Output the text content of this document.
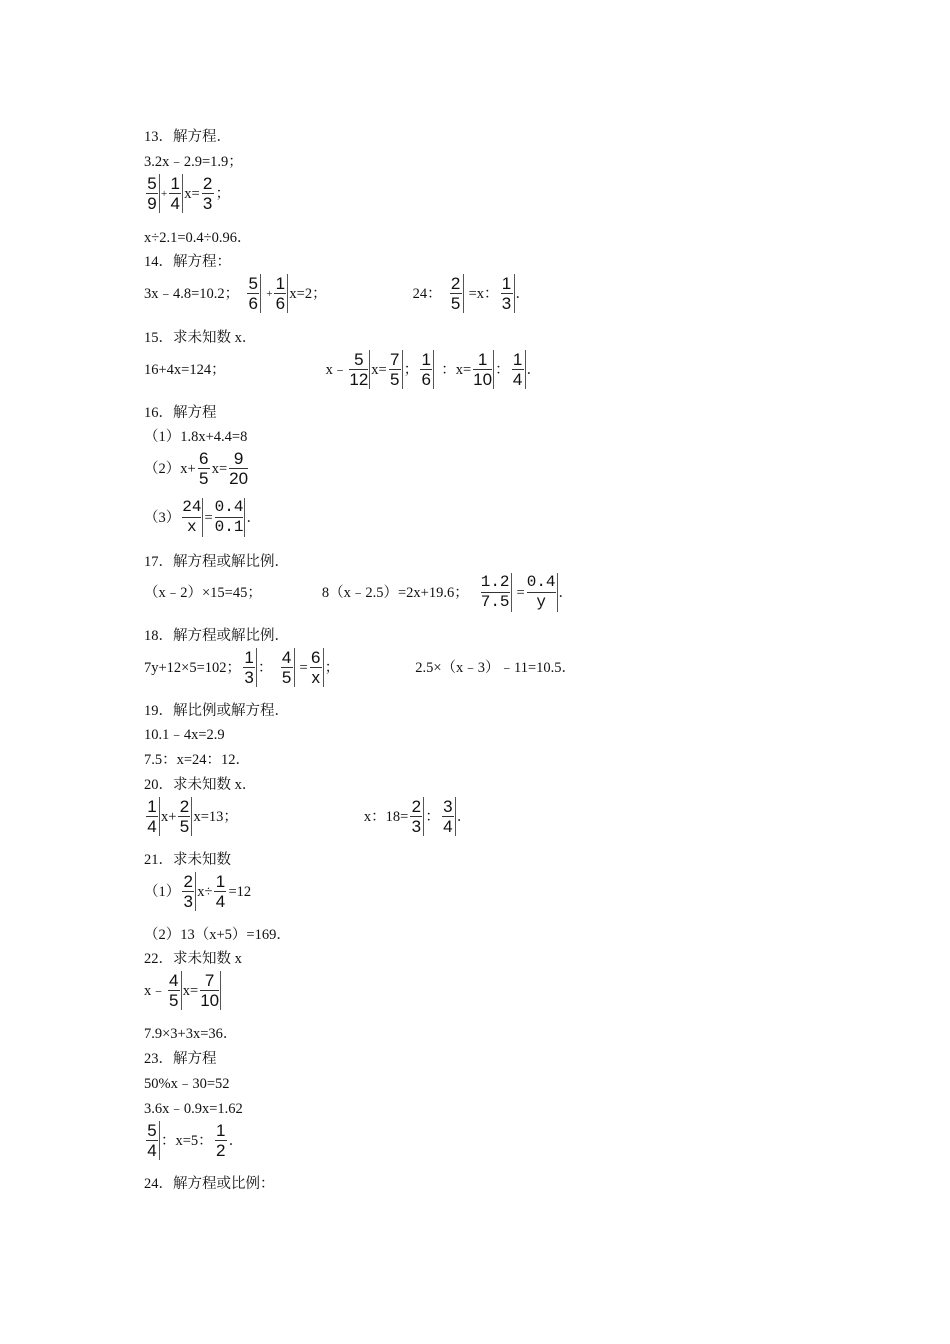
13．解方程．
3.2x﹣2.9=1.9；
5
9
+
1
4
x=
2
3
；
x÷2.1=0.4÷0.96．
14．解方程：
3x﹣4.8=10.2；
5
6
+
1
6
x=2；	24：
2
5
=x：
1
3
．
15．求未知数 x．
16+4x=124；	x﹣
5
12
x=
7
5
；
1
6
：x=
1
10
：
1
4
．
16．解方程
（1）1.8x+4.4=8
（2）x+
6
5
x=
9
20
（3）
24
x
=
0.4
0.1
．
17．解方程或解比例．
（x﹣2）×15=45；	8（x﹣2.5）=2x+19.6；
1.2
7.5
=
0.4
y
．
18．解方程或解比例．
7y+12×5=102；
1
3
：
4
5
=
6
x
；	2.5×（x﹣3）﹣11=10.5．
19．解比例或解方程．
10.1﹣4x=2.9
7.5：x=24：12．
20．求未知数 x．
1
4
x+
2
5
x=13；	x：18=
2
3
：
3
4
．
21．求未知数
（1）
2
3
x÷
1
4
=12
（2）13（x+5）=169．
22．求未知数 x
x﹣
4
5
x=
7
10
7.9×3+3x=36．
23．解方程
50%x﹣30=52
3.6x﹣0.9x=1.62
5
4
：x=5：
1
2
．
24．解方程或比例：
